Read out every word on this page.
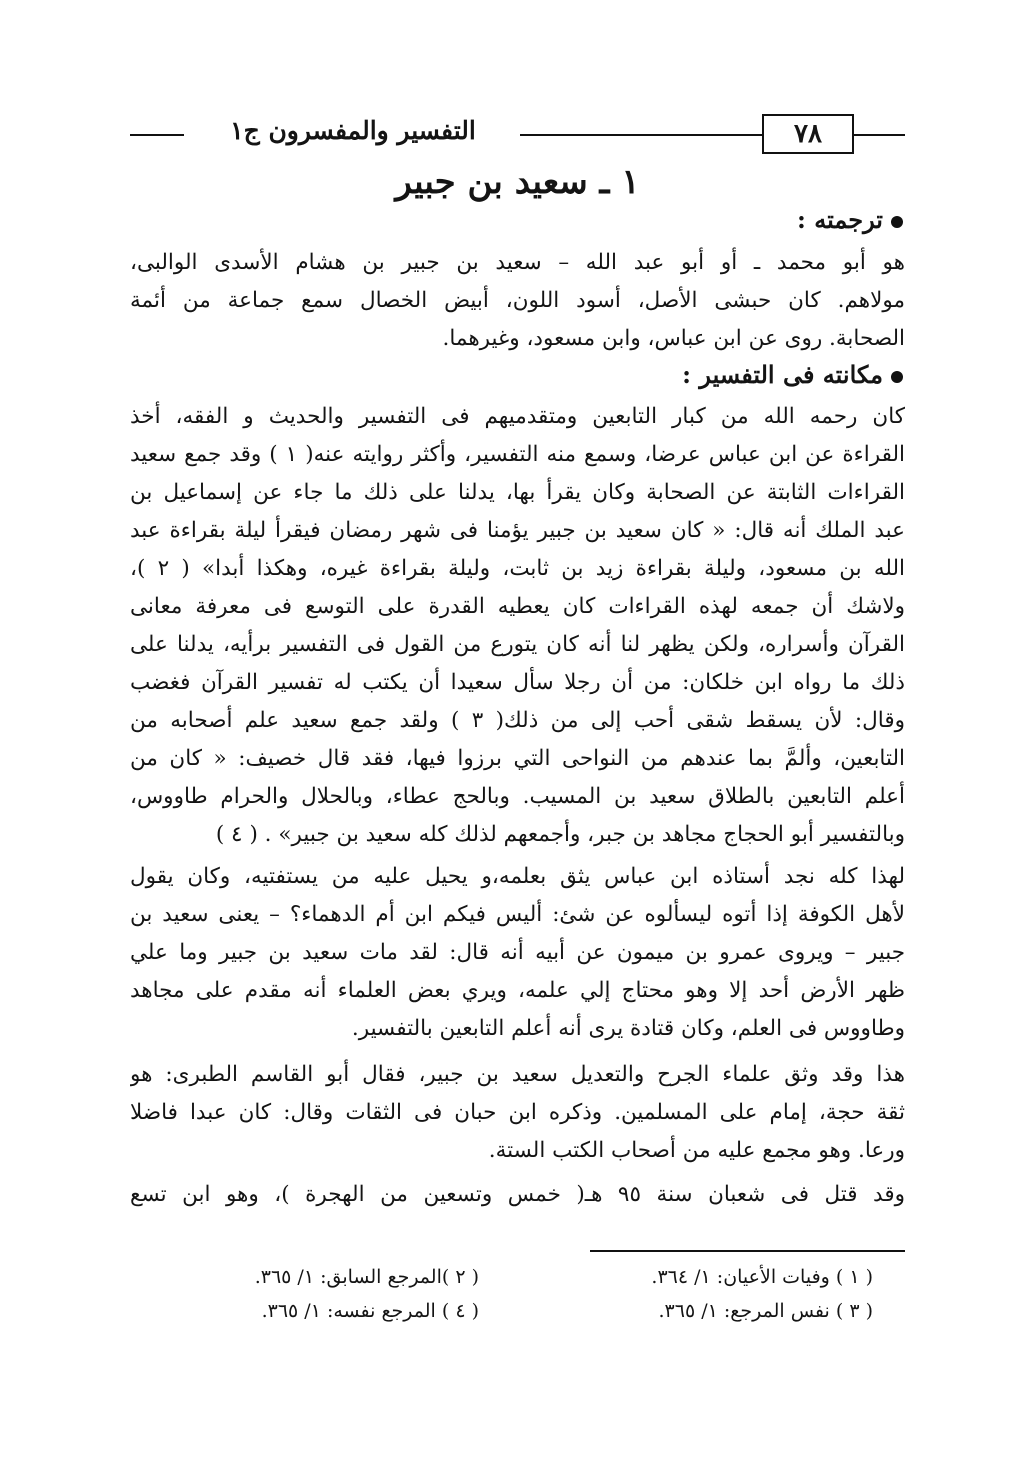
التفسير والمفسرون ج١	٧٨
١ ـ سعيد بن جبير
ترجمته :
هو أبو محمد ـ أو أبو عبد الله – سعيد بن جبير بن هشام الأسدى الوالبى،
مولاهم. كان حبشى الأصل، أسود اللون، أبيض الخصال سمع جماعة من أئمة
الصحابة. روى عن ابن عباس، وابن مسعود، وغيرهما.
مكانته فى التفسير :
كان رحمه الله من كبار التابعين ومتقدميهم فى التفسير والحديث و الفقه، أخذ
القراءة عن ابن عباس عرضا، وسمع منه التفسير، وأكثر روايته عنه( ١ ) وقد جمع سعيد
القراءات الثابتة عن الصحابة وكان يقرأ بها، يدلنا على ذلك ما جاء عن إسماعيل بن
عبد الملك أنه قال: « كان سعيد بن جبير يؤمنا فى شهر رمضان فيقرأ ليلة بقراءة عبد
الله بن مسعود، وليلة بقراءة زيد بن ثابت، وليلة بقراءة غيره، وهكذا أبدا» ( ٢ )،
ولاشك أن جمعه لهذه القراءات كان يعطيه القدرة على التوسع فى معرفة معانى
القرآن وأسراره، ولكن يظهر لنا أنه كان يتورع من القول فى التفسير برأيه، يدلنا على
ذلك ما رواه ابن خلكان: من أن رجلا سأل سعيدا أن يكتب له تفسير القرآن فغضب
وقال: لأن يسقط شقى أحب إلى من ذلك( ٣ ) ولقد جمع سعيد علم أصحابه من
التابعين، وألمَّ بما عندهم من النواحى التي برزوا فيها، فقد قال خصيف: « كان من
أعلم التابعين بالطلاق سعيد بن المسيب. وبالحج عطاء، وبالحلال والحرام طاووس،
وبالتفسير أبو الحجاج مجاهد بن جبر، وأجمعهم لذلك كله سعيد بن جبير» . ( ٤ )
لهذا كله نجد أستاذه ابن عباس يثق بعلمه،و يحيل عليه من يستفتيه، وكان يقول
لأهل الكوفة إذا أتوه ليسألوه عن شئ: أليس فيكم ابن أم الدهماء؟ – يعنى سعيد بن
جبير – ويروى عمرو بن ميمون عن أبيه أنه قال: لقد مات سعيد بن جبير وما علي
ظهر الأرض أحد إلا وهو محتاج إلي علمه، ويري بعض العلماء أنه مقدم على مجاهد
وطاووس فى العلم، وكان قتادة يرى أنه أعلم التابعين بالتفسير.
هذا وقد وثق علماء الجرح والتعديل سعيد بن جبير، فقال أبو القاسم الطبرى: هو
ثقة حجة، إمام على المسلمين. وذكره ابن حبان فى الثقات وقال: كان عبدا فاضلا
ورعا. وهو مجمع عليه من أصحاب الكتب الستة.
وقد قتل فى شعبان سنة ٩٥ هـ( خمس وتسعين من الهجرة )، وهو ابن تسع
( ١ ) وفيات الأعيان: ١/ ٣٦٤.
( ٢ )المرجع السابق: ١/ ٣٦٥.
( ٣ ) نفس المرجع: ١/ ٣٦٥.
( ٤ ) المرجع نفسه: ١/ ٣٦٥.
